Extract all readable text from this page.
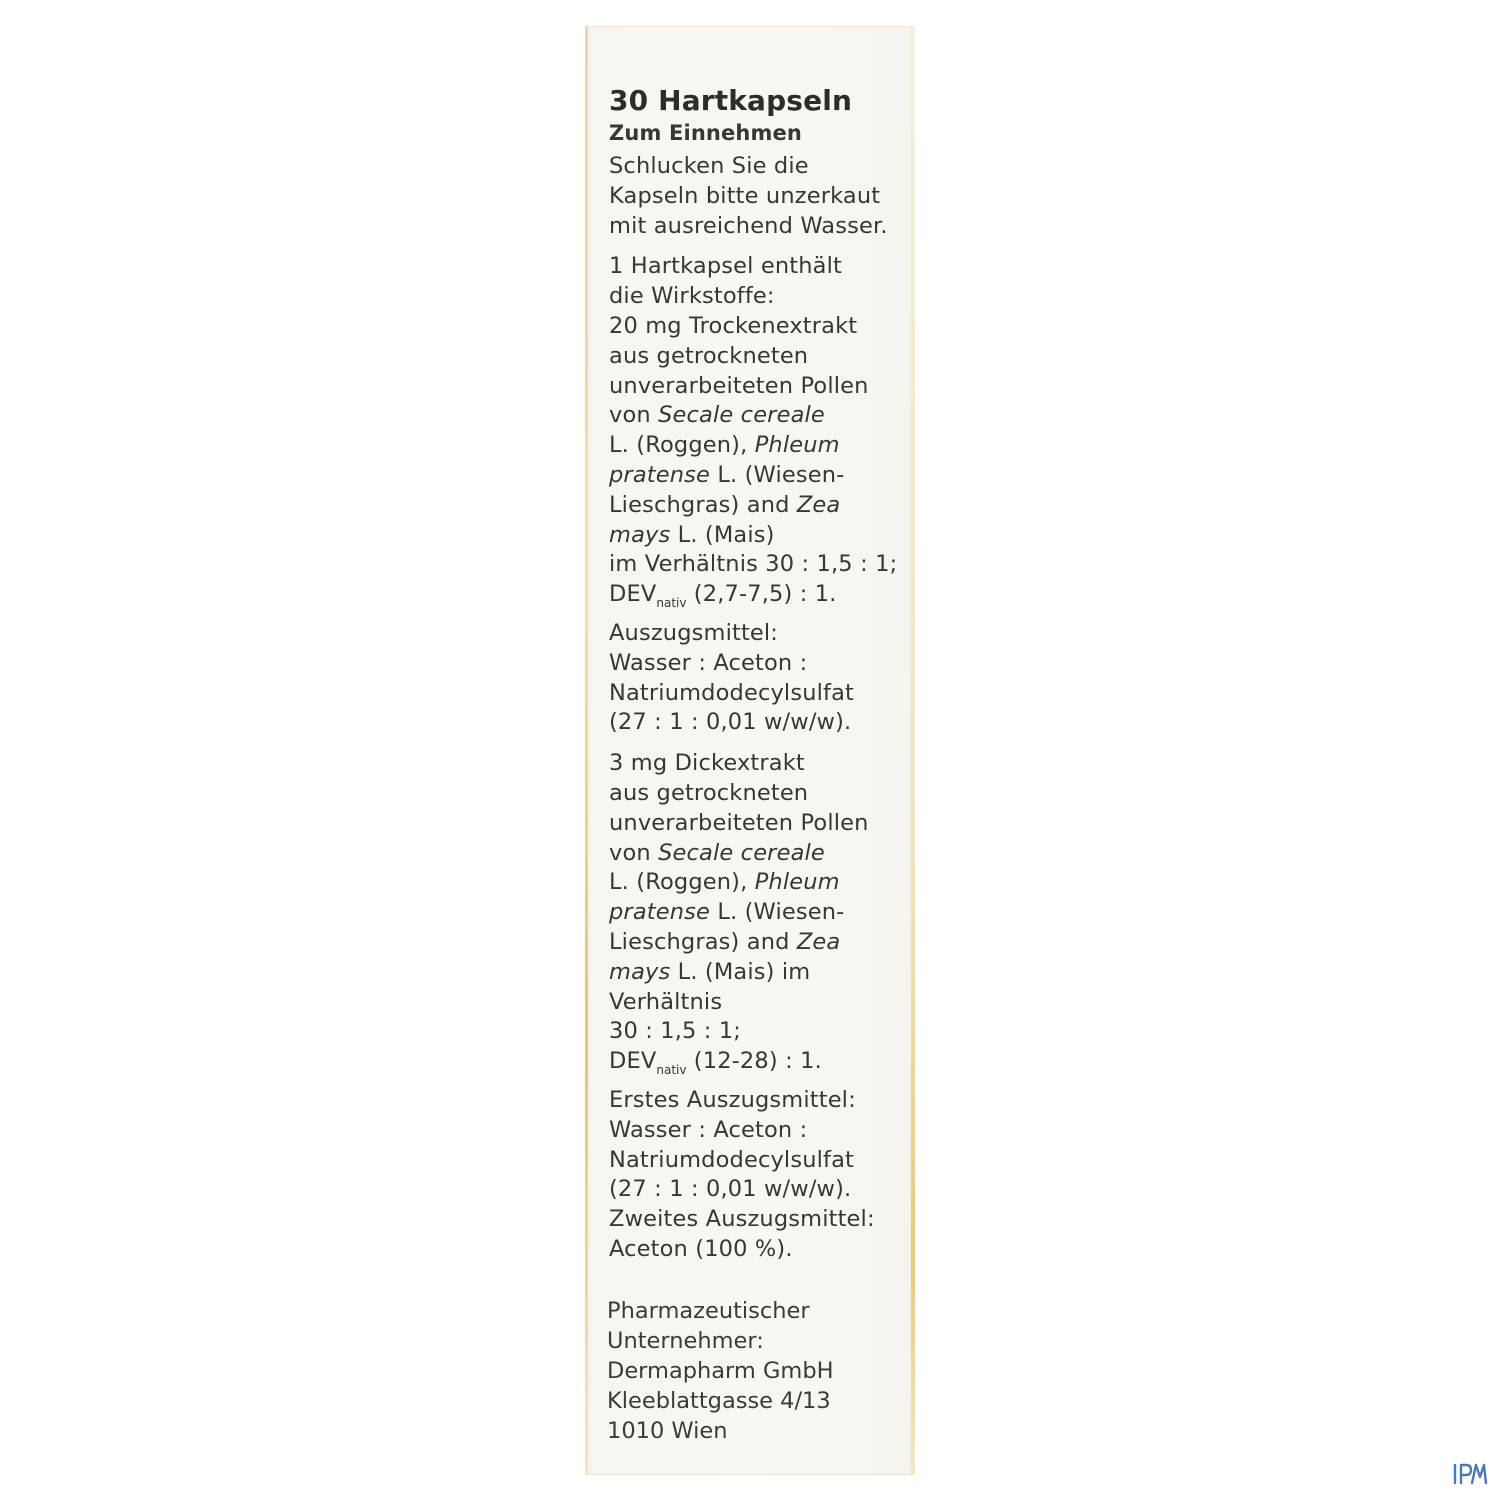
30 Hartkapseln
Zum Einnehmen
Schlucken Sie die
Kapseln bitte unzerkaut
mit ausreichend Wasser.
1 Hartkapsel enthält
die Wirkstoffe:
20 mg Trockenextrakt
aus getrockneten
unverarbeiteten Pollen
von Secale cereale
L. (Roggen), Phleum
pratense L. (Wiesen-
Lieschgras) and Zea
mays L. (Mais)
im Verhältnis 30 : 1,5 : 1;
$DEV_{nativ}$ (2,7-7,5) : 1.
Auszugsmittel:
Wasser : Aceton :
Natriumdodecylsulfat
(27 : 1 : 0,01 w/w/w).
3 mg Dickextrakt
aus getrockneten
unverarbeiteten Pollen
von Secale cereale
L. (Roggen), Phleum
pratense L. (Wiesen-
Lieschgras) and Zea
mays L. (Mais) im
Verhältnis
30 : 1,5 : 1;
$DEV_{nativ}$ (12-28) : 1.
Erstes Auszugsmittel:
Wasser : Aceton :
Natriumdodecylsulfat
(27 : 1 : 0,01 w/w/w).
Zweites Auszugsmittel:
Aceton (100 %).
Pharmazeutischer
Unternehmer:
Dermapharm GmbH
Kleeblattgasse 4/13
1010 Wien
